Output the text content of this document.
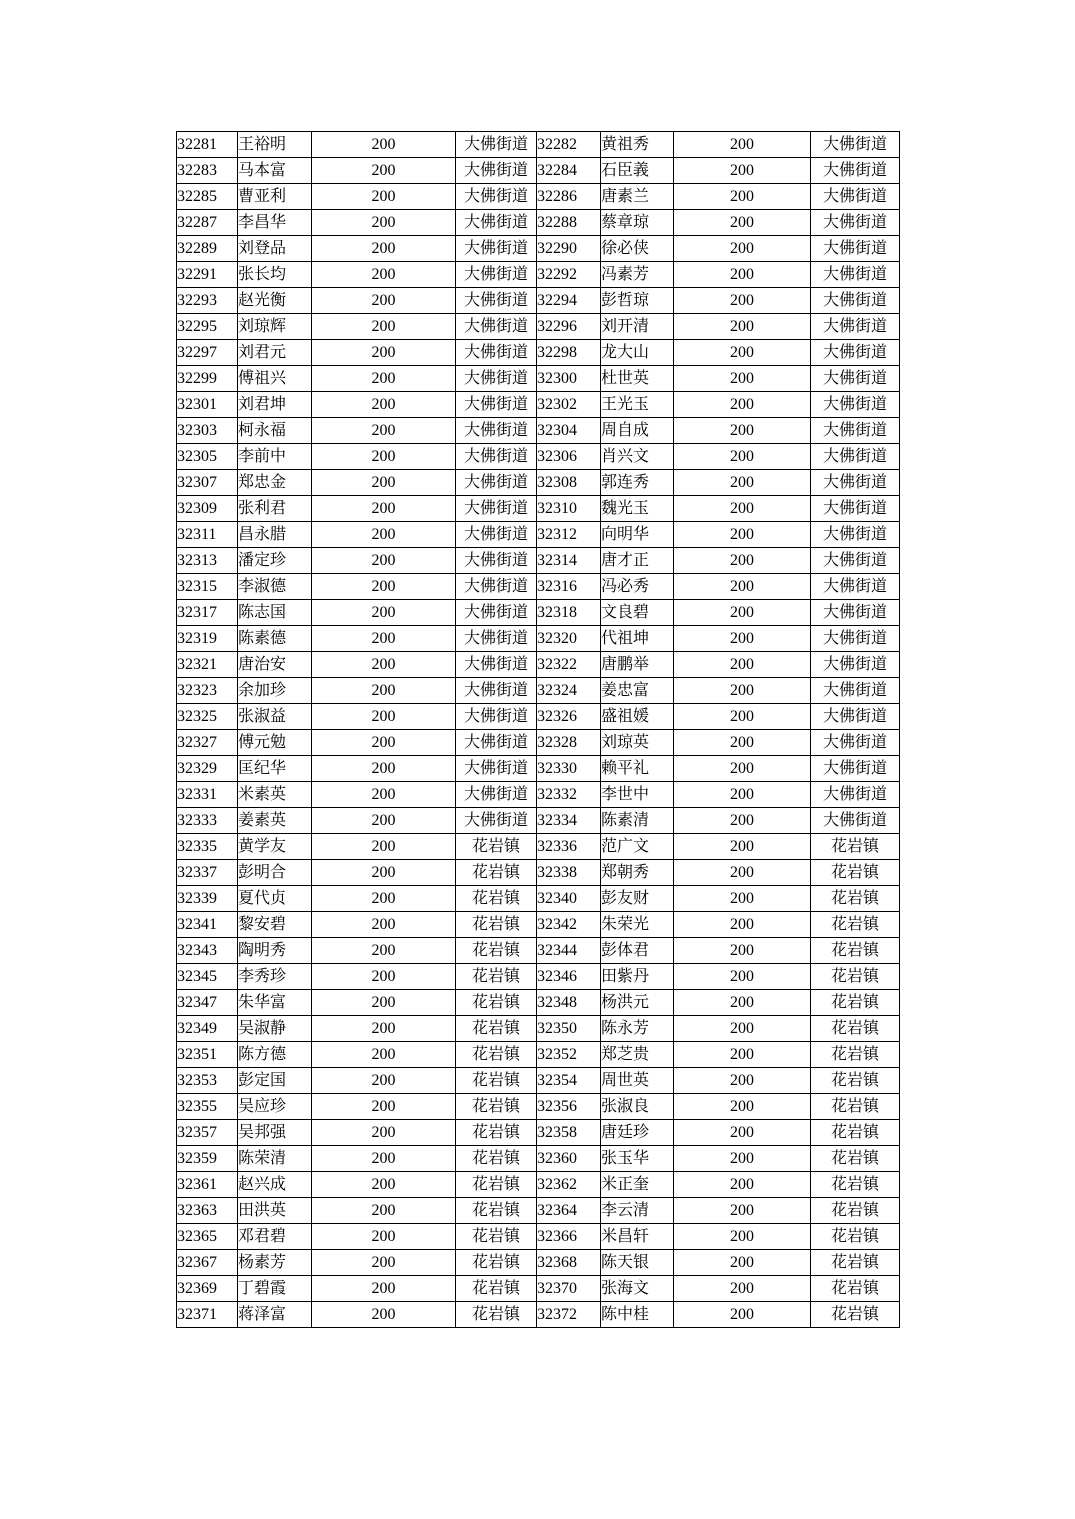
32281	王裕明	200	大佛街道	32282	黄祖秀	200	大佛街道
32283	马本富	200	大佛街道	32284	石臣義	200	大佛街道
32285	曹亚利	200	大佛街道	32286	唐素兰	200	大佛街道
32287	李昌华	200	大佛街道	32288	蔡章琼	200	大佛街道
32289	刘登品	200	大佛街道	32290	徐必侠	200	大佛街道
32291	张长均	200	大佛街道	32292	冯素芳	200	大佛街道
32293	赵光衡	200	大佛街道	32294	彭哲琼	200	大佛街道
32295	刘琼辉	200	大佛街道	32296	刘开清	200	大佛街道
32297	刘君元	200	大佛街道	32298	龙大山	200	大佛街道
32299	傅祖兴	200	大佛街道	32300	杜世英	200	大佛街道
32301	刘君坤	200	大佛街道	32302	王光玉	200	大佛街道
32303	柯永福	200	大佛街道	32304	周自成	200	大佛街道
32305	李前中	200	大佛街道	32306	肖兴文	200	大佛街道
32307	郑忠金	200	大佛街道	32308	郭连秀	200	大佛街道
32309	张利君	200	大佛街道	32310	魏光玉	200	大佛街道
32311	昌永腊	200	大佛街道	32312	向明华	200	大佛街道
32313	潘定珍	200	大佛街道	32314	唐才正	200	大佛街道
32315	李淑德	200	大佛街道	32316	冯必秀	200	大佛街道
32317	陈志国	200	大佛街道	32318	文良碧	200	大佛街道
32319	陈素德	200	大佛街道	32320	代祖坤	200	大佛街道
32321	唐治安	200	大佛街道	32322	唐鹏举	200	大佛街道
32323	余加珍	200	大佛街道	32324	姜忠富	200	大佛街道
32325	张淑益	200	大佛街道	32326	盛祖媛	200	大佛街道
32327	傅元勉	200	大佛街道	32328	刘琼英	200	大佛街道
32329	匡纪华	200	大佛街道	32330	赖平礼	200	大佛街道
32331	米素英	200	大佛街道	32332	李世中	200	大佛街道
32333	姜素英	200	大佛街道	32334	陈素清	200	大佛街道
32335	黄学友	200	花岩镇	32336	范广文	200	花岩镇
32337	彭明合	200	花岩镇	32338	郑朝秀	200	花岩镇
32339	夏代贞	200	花岩镇	32340	彭友财	200	花岩镇
32341	黎安碧	200	花岩镇	32342	朱荣光	200	花岩镇
32343	陶明秀	200	花岩镇	32344	彭体君	200	花岩镇
32345	李秀珍	200	花岩镇	32346	田紫丹	200	花岩镇
32347	朱华富	200	花岩镇	32348	杨洪元	200	花岩镇
32349	吴淑静	200	花岩镇	32350	陈永芳	200	花岩镇
32351	陈方德	200	花岩镇	32352	郑芝贵	200	花岩镇
32353	彭定国	200	花岩镇	32354	周世英	200	花岩镇
32355	吴应珍	200	花岩镇	32356	张淑良	200	花岩镇
32357	吴邦强	200	花岩镇	32358	唐廷珍	200	花岩镇
32359	陈荣清	200	花岩镇	32360	张玉华	200	花岩镇
32361	赵兴成	200	花岩镇	32362	米正奎	200	花岩镇
32363	田洪英	200	花岩镇	32364	李云清	200	花岩镇
32365	邓君碧	200	花岩镇	32366	米昌轩	200	花岩镇
32367	杨素芳	200	花岩镇	32368	陈天银	200	花岩镇
32369	丁碧霞	200	花岩镇	32370	张海文	200	花岩镇
32371	蒋泽富	200	花岩镇	32372	陈中桂	200	花岩镇
